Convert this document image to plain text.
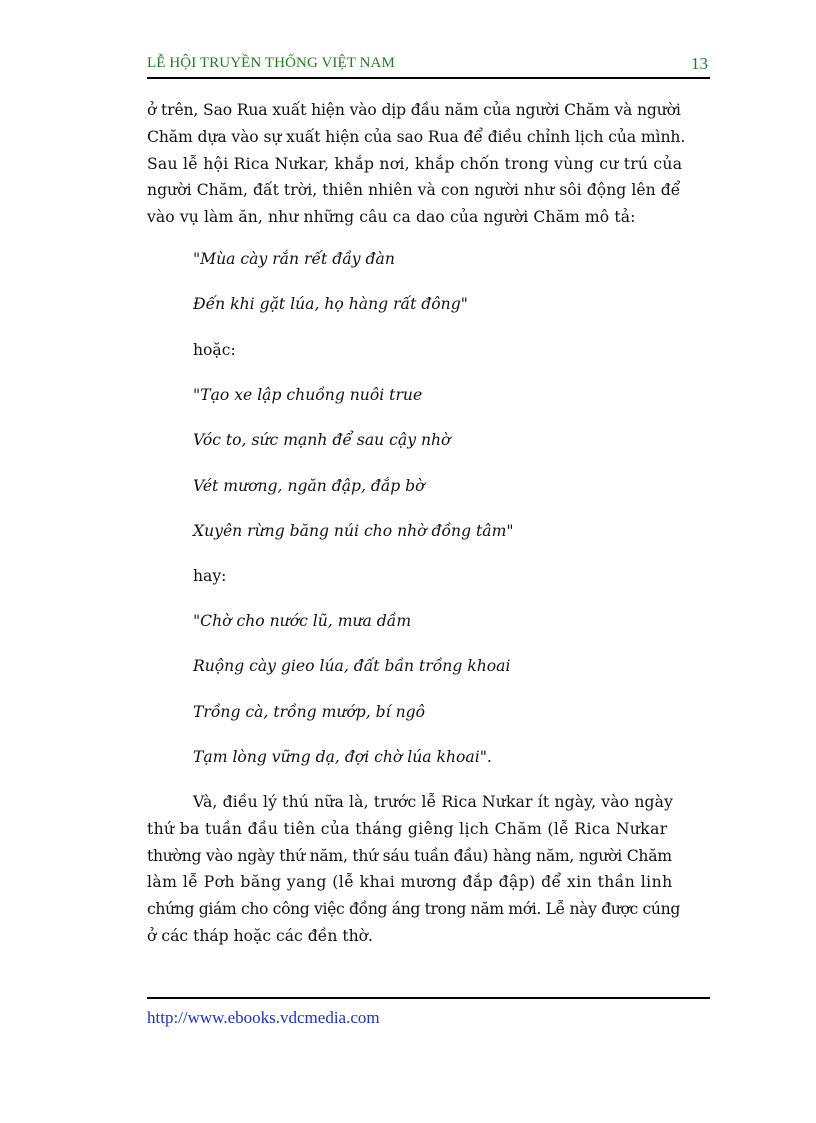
LỄ HỘI TRUYỀN THỐNG VIỆT NAM	13

ở trên, Sao Rua xuất hiện vào dịp đầu năm của người Chăm và người
Chăm dựa vào sự xuất hiện của sao Rua để điều chỉnh lịch của mình.
Sau lễ hội Rica Nưkar, khắp nơi, khắp chốn trong vùng cư trú của
người Chăm, đất trời, thiên nhiên và con người như sôi động lên để
vào vụ làm ăn, như những câu ca dao của người Chăm mô tả:

"Mùa cày rắn rết đầy đàn
Đến khi gặt lúa, họ hàng rất đông"
hoặc:
"Tạo xe lập chuồng nuôi true
Vóc to, sức mạnh để sau cậy nhờ
Vét mương, ngăn đập, đắp bờ
Xuyên rừng băng núi cho nhờ đồng tâm"
hay:
"Chờ cho nước lũ, mưa dầm
Ruộng cày gieo lúa, đất bần trồng khoai
Trồng cà, trồng mướp, bí ngô
Tạm lòng vững dạ, đợi chờ lúa khoai".

Và, điều lý thú nữa là, trước lễ Rica Nưkar ít ngày, vào ngày
thứ ba tuần đầu tiên của tháng giêng lịch Chăm (lễ Rica Nưkar
thường vào ngày thứ năm, thứ sáu tuần đầu) hàng năm, người Chăm
làm lễ Pơh băng yang (lễ khai mương đắp đập) để xin thần linh
chứng giám cho công việc đồng áng trong năm mới. Lễ này được cúng
ở các tháp hoặc các đền thờ.

http://www.ebooks.vdcmedia.com
